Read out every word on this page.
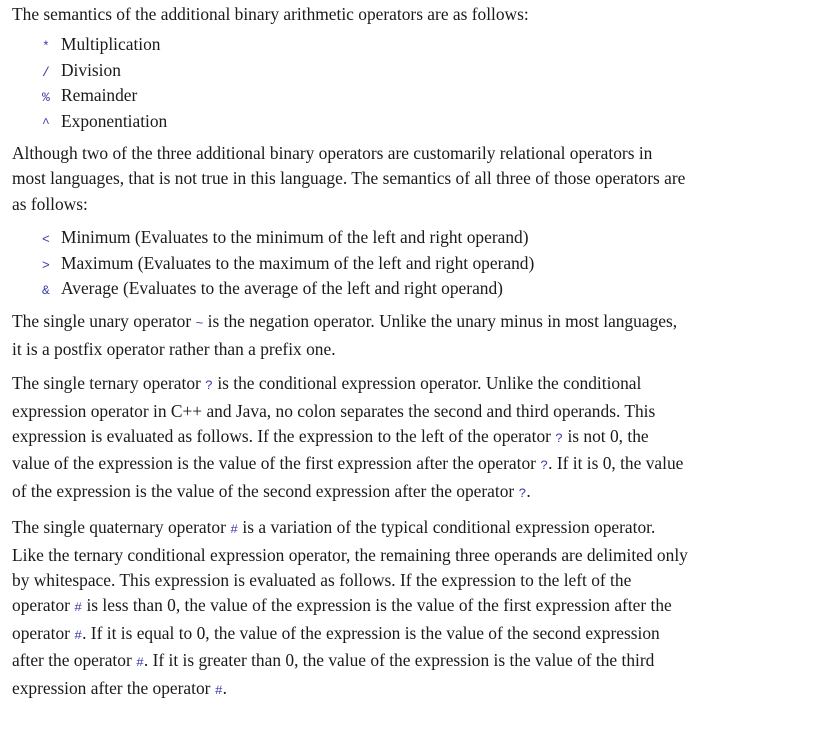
The semantics of the additional binary arithmetic operators are as follows:

* Multiplication
/ Division
% Remainder
^ Exponentiation

Although two of the three additional binary operators are customarily relational operators in
most languages, that is not true in this language. The semantics of all three of those operators are
as follows:

< Minimum (Evaluates to the minimum of the left and right operand)
> Maximum (Evaluates to the maximum of the left and right operand)
& Average (Evaluates to the average of the left and right operand)

The single unary operator ~ is the negation operator. Unlike the unary minus in most languages,
it is a postfix operator rather than a prefix one.

The single ternary operator ? is the conditional expression operator. Unlike the conditional
expression operator in C++ and Java, no colon separates the second and third operands. This
expression is evaluated as follows. If the expression to the left of the operator ? is not 0, the
value of the expression is the value of the first expression after the operator ?. If it is 0, the value
of the expression is the value of the second expression after the operator ?.

The single quaternary operator # is a variation of the typical conditional expression operator.
Like the ternary conditional expression operator, the remaining three operands are delimited only
by whitespace. This expression is evaluated as follows. If the expression to the left of the
operator # is less than 0, the value of the expression is the value of the first expression after the
operator #. If it is equal to 0, the value of the expression is the value of the second expression
after the operator #. If it is greater than 0, the value of the expression is the value of the third
expression after the operator #.
